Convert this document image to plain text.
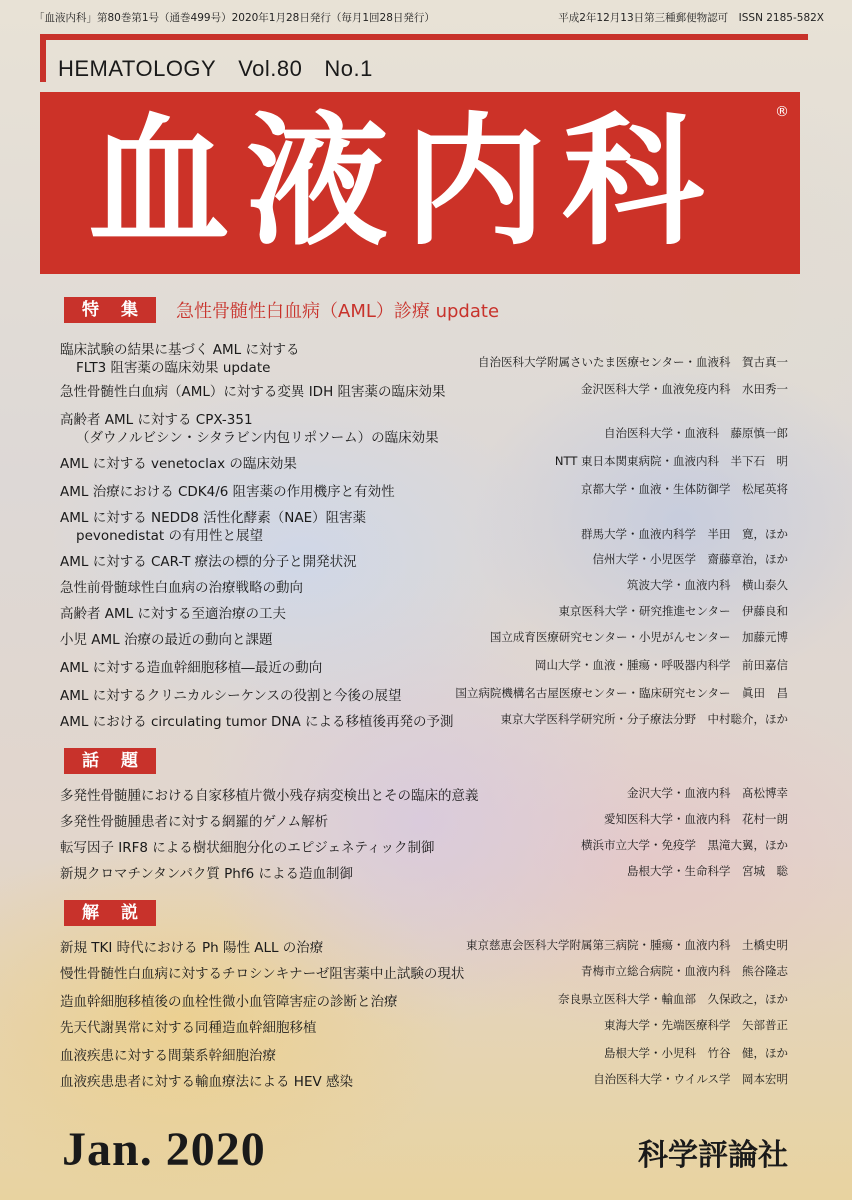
「血液内科」第80巻第1号（通巻499号）2020年1月28日発行（毎月1回28日発行）	平成2年12月13日第三種郵便物認可　ISSN 2185-582X
HEMATOLOGY Vol.80 No.1
血液内科	®
特 集	急性骨髄性白血病（AML）診療 update
臨床試験の結果に基づく AML に対する
FLT3 阻害薬の臨床効果 update	自治医科大学附属さいたま医療センター・血液科　賀古真一
急性骨髄性白血病（AML）に対する変異 IDH 阻害薬の臨床効果	金沢医科大学・血液免疫内科　水田秀一
高齢者 AML に対する CPX-351
（ダウノルビシン・シタラビン内包リポソーム）の臨床効果	自治医科大学・血液科　藤原慎一郎
AML に対する venetoclax の臨床効果	NTT 東日本関東病院・血液内科　半下石　明
AML 治療における CDK4/6 阻害薬の作用機序と有効性	京都大学・血液・生体防御学　松尾英将
AML に対する NEDD8 活性化酵素（NAE）阻害薬
pevonedistat の有用性と展望	群馬大学・血液内科学　半田　寛，ほか
AML に対する CAR-T 療法の標的分子と開発状況	信州大学・小児医学　齋藤章治，ほか
急性前骨髄球性白血病の治療戦略の動向	筑波大学・血液内科　横山泰久
高齢者 AML に対する至適治療の工夫	東京医科大学・研究推進センター　伊藤良和
小児 AML 治療の最近の動向と課題	国立成育医療研究センター・小児がんセンター　加藤元博
AML に対する造血幹細胞移植―最近の動向	岡山大学・血液・腫瘍・呼吸器内科学　前田嘉信
AML に対するクリニカルシーケンスの役割と今後の展望	国立病院機構名古屋医療センター・臨床研究センター　眞田　昌
AML における circulating tumor DNA による移植後再発の予測	東京大学医科学研究所・分子療法分野　中村聡介，ほか
話 題
多発性骨髄腫における自家移植片微小残存病変検出とその臨床的意義	金沢大学・血液内科　髙松博幸
多発性骨髄腫患者に対する網羅的ゲノム解析	愛知医科大学・血液内科　花村一朗
転写因子 IRF8 による樹状細胞分化のエピジェネティック制御	横浜市立大学・免疫学　黒滝大翼，ほか
新規クロマチンタンパク質 Phf6 による造血制御	島根大学・生命科学　宮城　聡
解 説
新規 TKI 時代における Ph 陽性 ALL の治療	東京慈恵会医科大学附属第三病院・腫瘍・血液内科　土橋史明
慢性骨髄性白血病に対するチロシンキナーゼ阻害薬中止試験の現状	青梅市立総合病院・血液内科　熊谷隆志
造血幹細胞移植後の血栓性微小血管障害症の診断と治療	奈良県立医科大学・輸血部　久保政之，ほか
先天代謝異常に対する同種造血幹細胞移植	東海大学・先端医療科学　矢部普正
血液疾患に対する間葉系幹細胞治療	島根大学・小児科　竹谷　健，ほか
血液疾患患者に対する輸血療法による HEV 感染	自治医科大学・ウイルス学　岡本宏明
Jan. 2020	科学評論社
